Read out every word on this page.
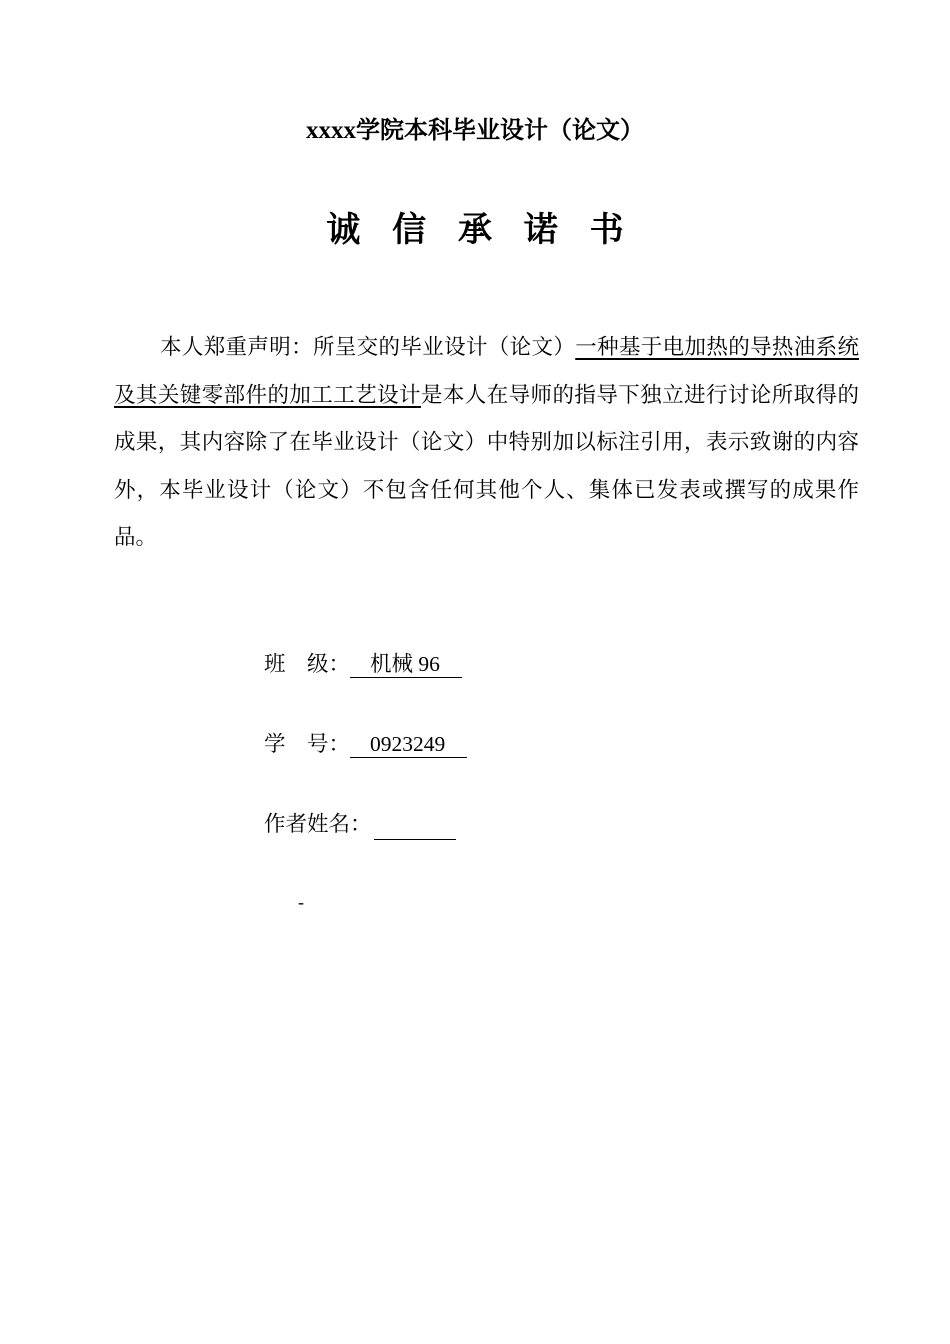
xxxx学院本科毕业设计（论文）
诚 信 承 诺 书

本人郑重声明：所呈交的毕业设计（论文）一种基于电加热的导热油系统及其关键零部件的加工工艺设计是本人在导师的指导下独立进行讨论所取得的成果，其内容除了在毕业设计（论文）中特别加以标注引用，表示致谢的内容外，本毕业设计（论文）不包含任何其他个人、集体已发表或撰写的成果作品。

班　级： 机械 96
学　号： 0923249
作者姓名：
-
